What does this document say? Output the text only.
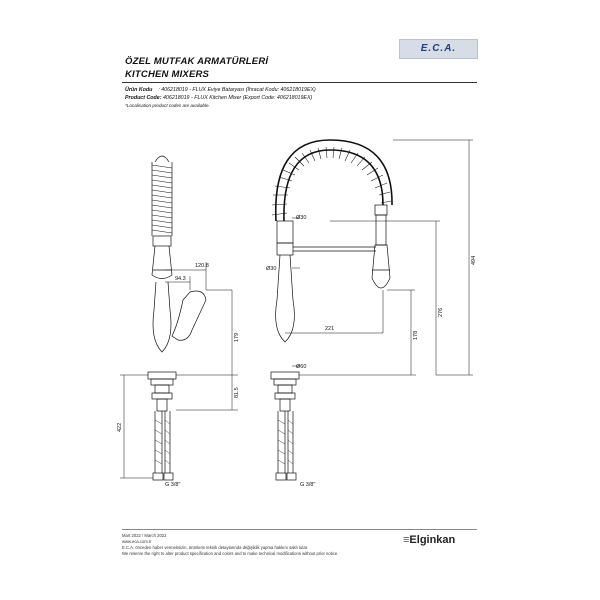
ÖZEL MUTFAK ARMATÜRLERİ
KITCHEN MIXERS
E.C.A.
Ürün Kodu : 406218019 - FLUX Eviye Bataryası (İhracat Kodu: 406218019EX)
Product Code: 406218019 - FLUX Kitchen Mixer (Export Code: 406218019EX)
*Localisation product codes are available.
120.8
94.3
179
81.5
422
G 3/8"
Ø30
Ø30
Ø60
221
178
276
494
G 3/8"
Mart 2022 / March 2022
www.eca.com.tr
E.C.A. önceden haber vermeksizin, ürünlerin teknik detaylarında değişiklik yapma hakkını saklı tutar.
We reserve the right to alter product specification and colors and to make technical modifications without prior notice.
≡Elginkan
